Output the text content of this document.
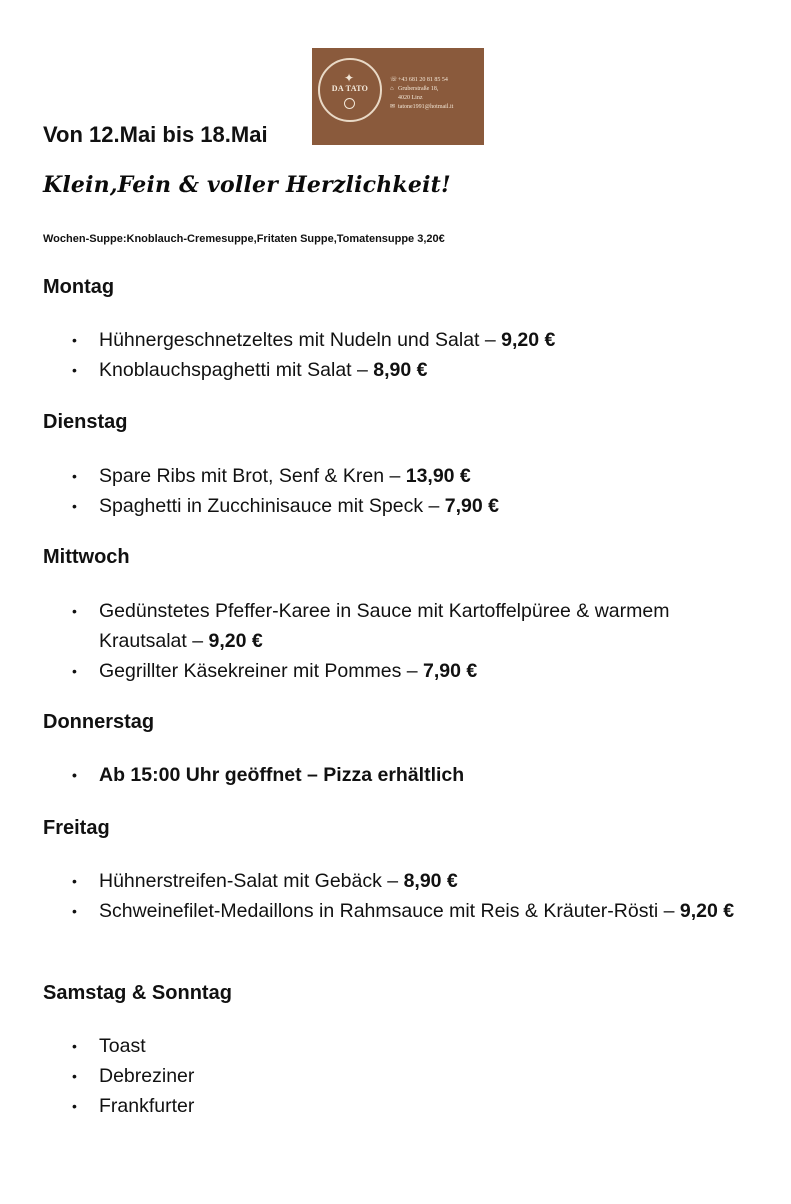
✦
DA TATO
☏+43 681 20 81 85 54
⌂ Gruberstraße 18,
4020 Linz
✉ tatone1991@hotmail.it
Von 12.Mai bis 18.Mai
Klein,Fein & voller Herzlichkeit!
Wochen-Suppe:Knoblauch-Cremesuppe,Fritaten Suppe,Tomatensuppe 3,20€
Montag
• Hühnergeschnetzeltes mit Nudeln und Salat – 9,20 €
• Knoblauchspaghetti mit Salat – 8,90 €
Dienstag
• Spare Ribs mit Brot, Senf & Kren – 13,90 €
• Spaghetti in Zucchinisauce mit Speck – 7,90 €
Mittwoch
• Gedünstetes Pfeffer-Karee in Sauce mit Kartoffelpüree & warmem Krautsalat – 9,20 €
• Gegrillter Käsekreiner mit Pommes – 7,90 €
Donnerstag
• Ab 15:00 Uhr geöffnet – Pizza erhältlich
Freitag
• Hühnerstreifen-Salat mit Gebäck – 8,90 €
• Schweinefilet-Medaillons in Rahmsauce mit Reis & Kräuter-Rösti – 9,20 €
Samstag & Sonntag
• Toast
• Debreziner
• Frankfurter
